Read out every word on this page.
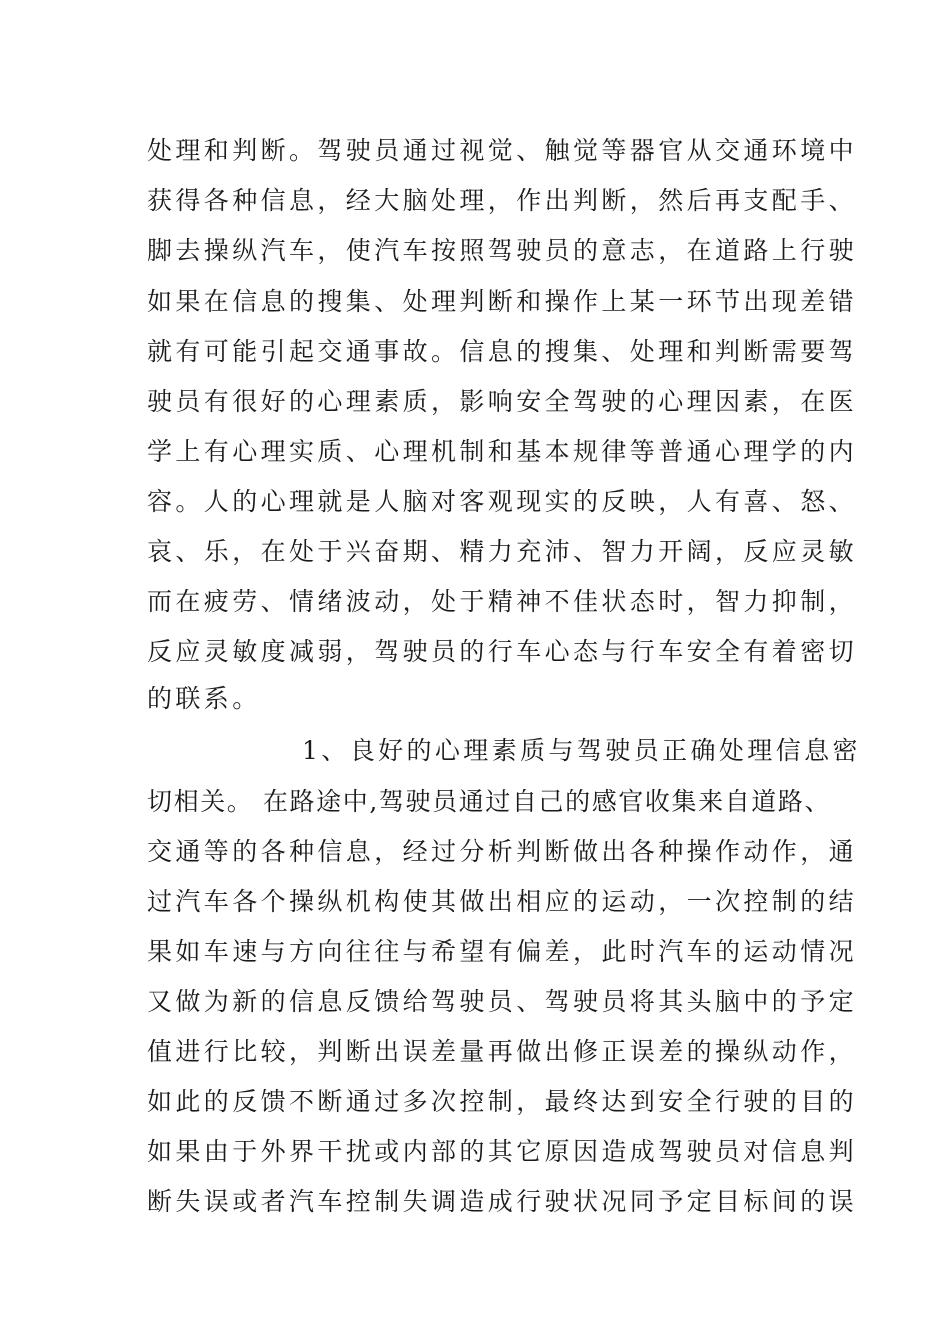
处理和判断。驾驶员通过视觉、触觉等器官从交通环境中
获得各种信息，经大脑处理，作出判断，然后再支配手、
脚去操纵汽车，使汽车按照驾驶员的意志，在道路上行驶
如果在信息的搜集、处理判断和操作上某一环节出现差错
就有可能引起交通事故。信息的搜集、处理和判断需要驾
驶员有很好的心理素质，影响安全驾驶的心理因素，在医
学上有心理实质、心理机制和基本规律等普通心理学的内
容。人的心理就是人脑对客观现实的反映，人有喜、怒、
哀、乐，在处于兴奋期、精力充沛、智力开阔，反应灵敏
而在疲劳、情绪波动，处于精神不佳状态时，智力抑制，
反应灵敏度减弱，驾驶员的行车心态与行车安全有着密切
的联系。
1、良好的心理素质与驾驶员正确处理信息密
切相关。 在路途中,驾驶员通过自己的感官收集来自道路、
交通等的各种信息，经过分析判断做出各种操作动作，通
过汽车各个操纵机构使其做出相应的运动，一次控制的结
果如车速与方向往往与希望有偏差，此时汽车的运动情况
又做为新的信息反馈给驾驶员、驾驶员将其头脑中的予定
值进行比较，判断出误差量再做出修正误差的操纵动作，
如此的反馈不断通过多次控制，最终达到安全行驶的目的
如果由于外界干扰或内部的其它原因造成驾驶员对信息判
断失误或者汽车控制失调造成行驶状况同予定目标间的误
